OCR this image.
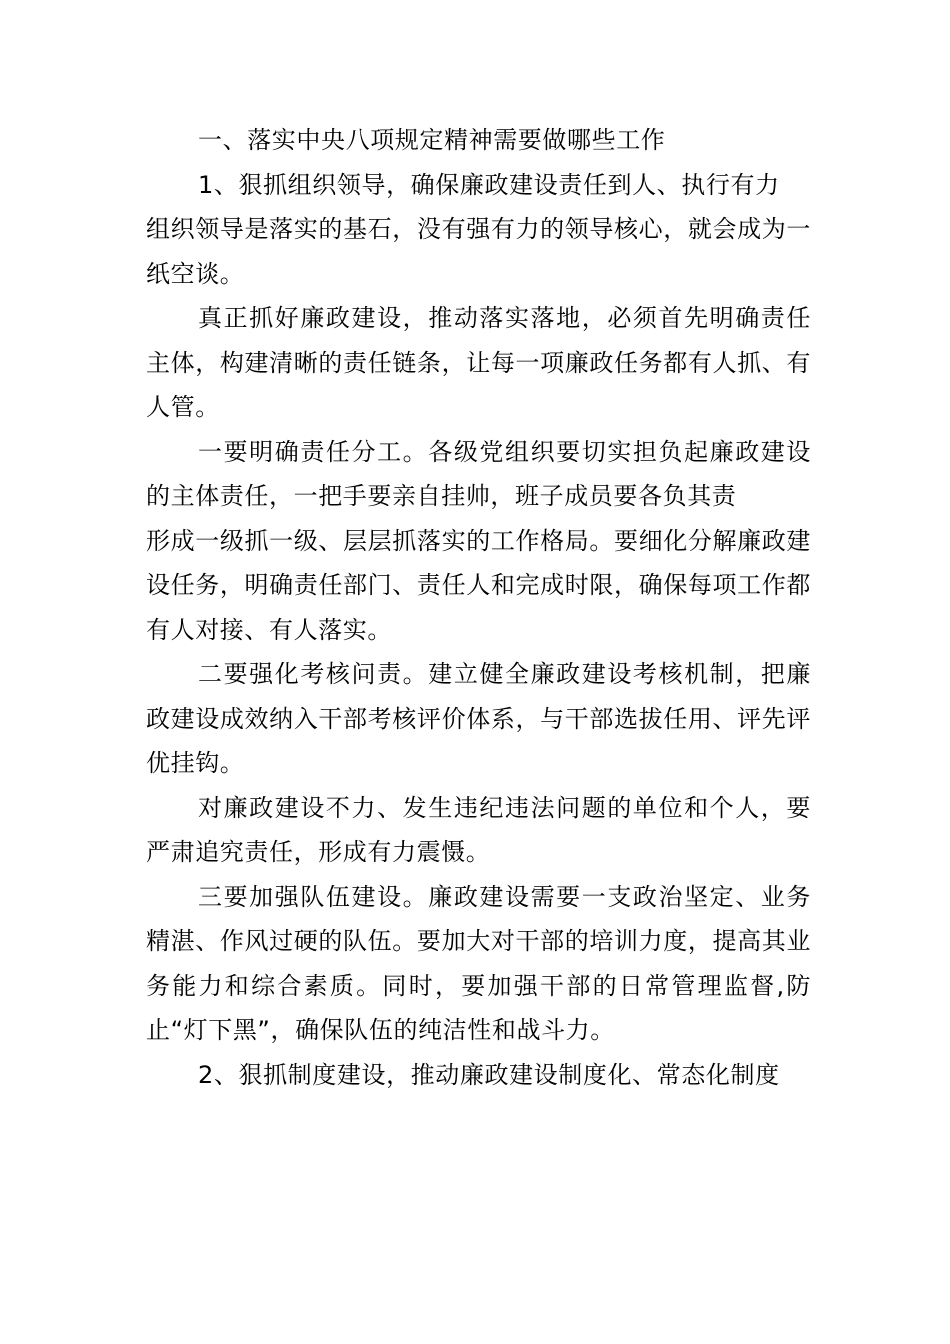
一、落实中央八项规定精神需要做哪些工作

1、狠抓组织领导，确保廉政建设责任到人、执行有力

组织领导是落实的基石，没有强有力的领导核心，就会成为一纸空谈。

真正抓好廉政建设，推动落实落地，必须首先明确责任主体，构建清晰的责任链条，让每一项廉政任务都有人抓、有人管。

一要明确责任分工。各级党组织要切实担负起廉政建设的主体责任，一把手要亲自挂帅，班子成员要各负其责

形成一级抓一级、层层抓落实的工作格局。要细化分解廉政建设任务，明确责任部门、责任人和完成时限，确保每项工作都有人对接、有人落实。

二要强化考核问责。建立健全廉政建设考核机制，把廉政建设成效纳入干部考核评价体系，与干部选拔任用、评先评优挂钩。

对廉政建设不力、发生违纪违法问题的单位和个人，要严肃追究责任，形成有力震慑。

三要加强队伍建设。廉政建设需要一支政治坚定、业务精湛、作风过硬的队伍。要加大对干部的培训力度，提高其业务能力和综合素质。同时，要加强干部的日常管理监督,防止“灯下黑”，确保队伍的纯洁性和战斗力。

2、狠抓制度建设，推动廉政建设制度化、常态化制度
